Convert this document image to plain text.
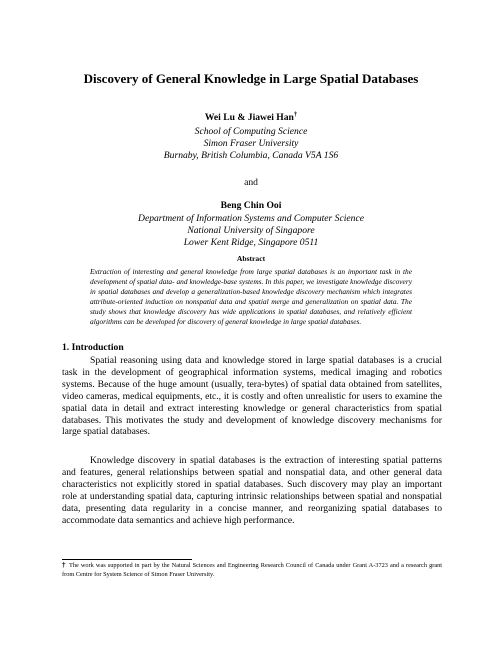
Discovery of General Knowledge in Large Spatial Databases
Wei Lu & Jiawei Han†
School of Computing Science
Simon Fraser University
Burnaby, British Columbia, Canada V5A 1S6
and
Beng Chin Ooi
Department of Information Systems and Computer Science
National University of Singapore
Lower Kent Ridge, Singapore 0511
Abstract
Extraction of interesting and general knowledge from large spatial databases is an important task in the development of spatial data- and knowledge-base systems. In this paper, we investigate knowledge discovery in spatial databases and develop a generalization-based knowledge discovery mechanism which integrates attribute-oriented induction on nonspatial data and spatial merge and generalization on spatial data. The study shows that knowledge discovery has wide applications in spatial databases, and relatively efficient algorithms can be developed for discovery of general knowledge in large spatial databases.
1. Introduction
Spatial reasoning using data and knowledge stored in large spatial databases is a crucial task in the development of geographical information systems, medical imaging and robotics systems. Because of the huge amount (usually, tera-bytes) of spatial data obtained from satellites, video cameras, medical equipments, etc., it is costly and often unrealistic for users to examine the spatial data in detail and extract interesting knowledge or general characteristics from spatial databases. This motivates the study and development of knowledge discovery mechanisms for large spatial databases.
Knowledge discovery in spatial databases is the extraction of interesting spatial patterns and features, general relationships between spatial and nonspatial data, and other general data characteristics not explicitly stored in spatial databases. Such discovery may play an important role at understanding spatial data, capturing intrinsic relationships between spatial and nonspatial data, presenting data regularity in a concise manner, and reorganizing spatial databases to accommodate data semantics and achieve high performance.
† The work was supported in part by the Natural Sciences and Engineering Research Council of Canada under Grant A-3723 and a research grant from Centre for System Science of Simon Fraser University.
